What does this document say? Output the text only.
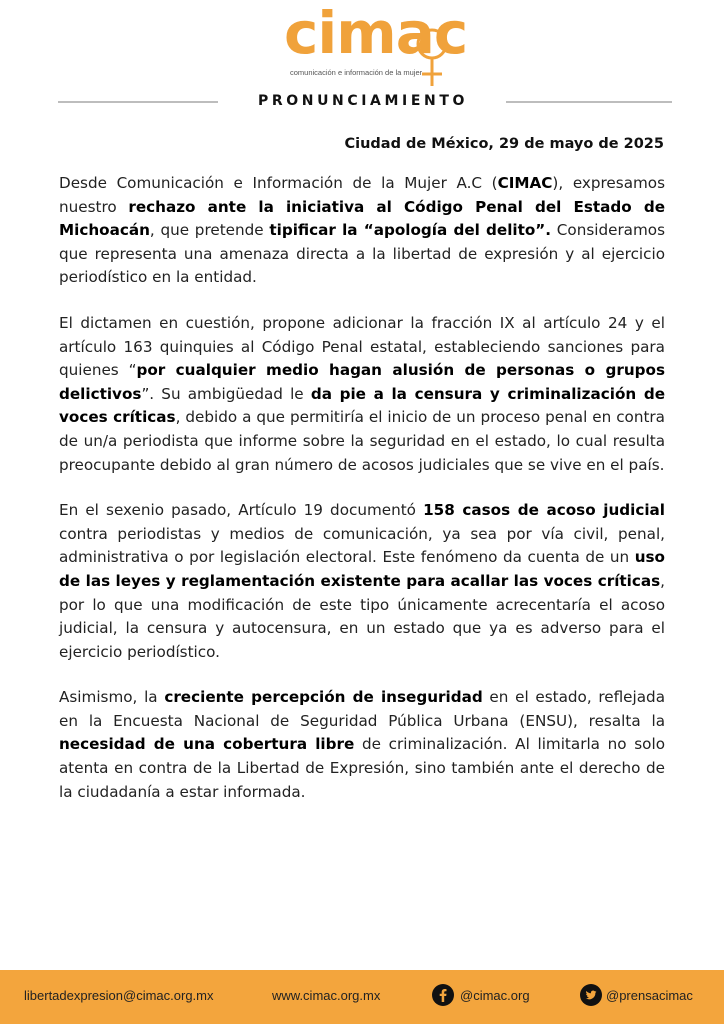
cimac
comunicación e información de la mujer
PRONUNCIAMIENTO
Ciudad de México, 29 de mayo de 2025

Desde Comunicación e Información de la Mujer A.C (CIMAC), expresamos nuestro rechazo ante la iniciativa al Código Penal del Estado de Michoacán, que pretende tipificar la “apología del delito”. Consideramos que representa una amenaza directa a la libertad de expresión y al ejercicio periodístico en la entidad.

El dictamen en cuestión, propone adicionar la fracción IX al artículo 24 y el artículo 163 quinquies al Código Penal estatal, estableciendo sanciones para quienes “por cualquier medio hagan alusión de personas o grupos delictivos”. Su ambigüedad le da pie a la censura y criminalización de voces críticas, debido a que permitiría el inicio de un proceso penal en contra de un/a periodista que informe sobre la seguridad en el estado, lo cual resulta preocupante debido al gran número de acosos judiciales que se vive en el país.

En el sexenio pasado, Artículo 19 documentó 158 casos de acoso judicial contra periodistas y medios de comunicación, ya sea por vía civil, penal, administrativa o por legislación electoral. Este fenómeno da cuenta de un uso de las leyes y reglamentación existente para acallar las voces críticas, por lo que una modificación de este tipo únicamente acrecentaría el acoso judicial, la censura y autocensura, en un estado que ya es adverso para el ejercicio periodístico.

Asimismo, la creciente percepción de inseguridad en el estado, reflejada en la Encuesta Nacional de Seguridad Pública Urbana (ENSU), resalta la necesidad de una cobertura libre de criminalización. Al limitarla no solo atenta en contra de la Libertad de Expresión, sino también ante el derecho de la ciudadanía a estar informada.

libertadexpresion@cimac.org.mx	www.cimac.org.mx	@cimac.org	@prensacimac
